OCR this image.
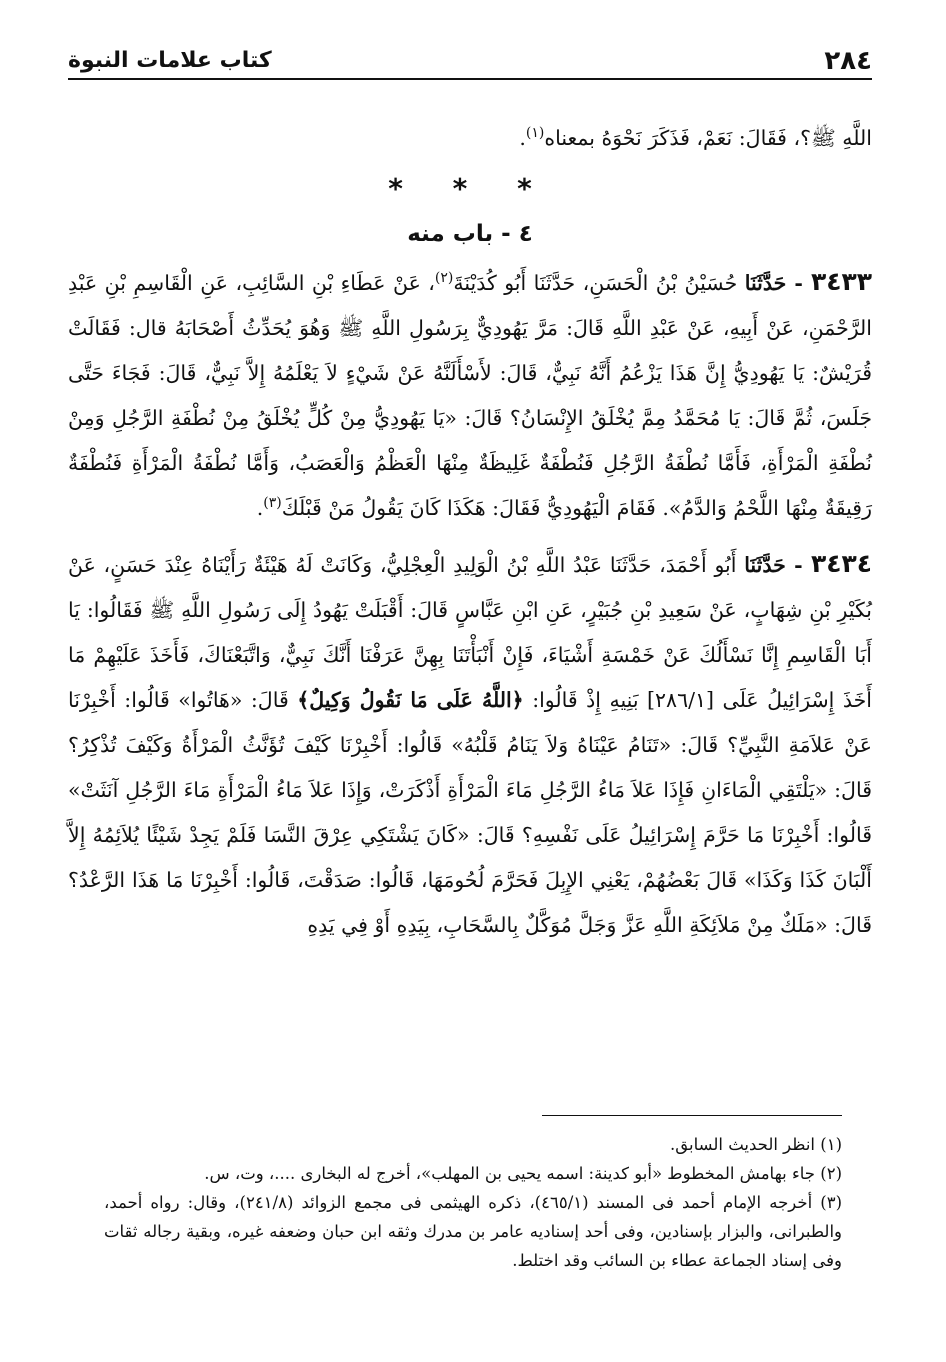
٢٨٤
كتاب علامات النبوة

اللَّهِ ﷺ؟، فَقَالَ: نَعَمْ، فَذَكَرَ نَحْوَهُ بمعناه$^{(١)}$.

* * *
٤ - باب منه

٣٤٣٣ - حَدَّثَنَا حُسَيْنُ بْنُ الْحَسَنِ، حَدَّثَنَا أَبُو كُدَيْنَةَ$^{(٢)}$، عَنْ عَطَاءِ بْنِ السَّائِبِ، عَنِ الْقَاسِمِ بْنِ عَبْدِ الرَّحْمَنِ، عَنْ أَبِيهِ، عَنْ عَبْدِ اللَّهِ قَالَ: مَرَّ يَهُودِيٌّ بِرَسُولِ اللَّهِ ﷺ وَهُوَ يُحَدِّثُ أَصْحَابَهُ قال: فَقَالَتْ قُرَيْشٌ: يَا يَهُودِيُّ إِنَّ هَذَا يَزْعُمُ أَنَّهُ نَبِيٌّ، قَالَ: لأَسْأَلَنَّهُ عَنْ شَيْءٍ لاَ يَعْلَمُهُ إِلاَّ نَبِيٌّ، قَالَ: فَجَاءَ حَتَّى جَلَسَ، ثُمَّ قَالَ: يَا مُحَمَّدُ مِمَّ يُخْلَقُ الإِنْسَانُ؟ قَالَ: «يَا يَهُودِيُّ مِنْ كُلٍّ يُخْلَقُ مِنْ نُطْفَةِ الرَّجُلِ وَمِنْ نُطْفَةِ الْمَرْأَةِ، فَأَمَّا نُطْفَةُ الرَّجُلِ فَنُطْفَةٌ غَلِيظَةٌ مِنْهَا الْعَظْمُ وَالْعَصَبُ، وَأَمَّا نُطْفَةُ الْمَرْأَةِ فَنُطْفَةٌ رَقِيقَةٌ مِنْهَا اللَّحْمُ وَالدَّمُ». فَقَامَ الْيَهُودِيُّ فَقَالَ: هَكَذَا كَانَ يَقُولُ مَنْ قَبْلَكَ$^{(٣)}$.

٣٤٣٤ - حَدَّثَنَا أَبُو أَحْمَدَ، حَدَّثَنَا عَبْدُ اللَّهِ بْنُ الْوَلِيدِ الْعِجْلِيُّ، وَكَانَتْ لَهُ هَيْئَةٌ رَأَيْنَاهُ عِنْدَ حَسَنٍ، عَنْ بُكَيْرِ بْنِ شِهَابٍ، عَنْ سَعِيدِ بْنِ جُبَيْرٍ، عَنِ ابْنِ عَبَّاسٍ قَالَ: أَقْبَلَتْ يَهُودُ إِلَى رَسُولِ اللَّهِ ﷺ فَقَالُوا: يَا أَبَا الْقَاسِمِ إِنَّا نَسْأَلُكَ عَنْ خَمْسَةِ أَشْيَاءَ، فَإِنْ أَنْبَأْتَنَا بِهِنَّ عَرَفْنَا أَنَّكَ نَبِيٌّ، وَاتَّبَعْنَاكَ، فَأَخَذَ عَلَيْهِمْ مَا أَخَذَ إِسْرَائِيلُ عَلَى [٢٨٦/١] بَنِيهِ إِذْ قَالُوا: ﴿اللَّهُ عَلَى مَا نَقُولُ وَكِيلٌ﴾ قَالَ: «هَاتُوا» قَالُوا: أَخْبِرْنَا عَنْ عَلاَمَةِ النَّبِيِّ؟ قَالَ: «تَنَامُ عَيْنَاهُ وَلاَ يَنَامُ قَلْبُهُ» قَالُوا: أَخْبِرْنَا كَيْفَ تُؤَنَّثُ الْمَرْأَةُ وَكَيْفَ تُذْكِرُ؟ قَالَ: «يَلْتَقِي الْمَاءَانِ فَإِذَا عَلاَ مَاءُ الرَّجُلِ مَاءَ الْمَرْأَةِ أَذْكَرَتْ، وَإِذَا عَلاَ مَاءُ الْمَرْأَةِ مَاءَ الرَّجُلِ آنَثَتْ» قَالُوا: أَخْبِرْنَا مَا حَرَّمَ إِسْرَائِيلُ عَلَى نَفْسِهِ؟ قَالَ: «كَانَ يَشْتَكِي عِرْقَ النَّسَا فَلَمْ يَجِدْ شَيْئًا يُلاَئِمُهُ إِلاَّ أَلْبَانَ كَذَا وَكَذَا» قَالَ بَعْضُهُمْ، يَعْنِي الإِبِلَ فَحَرَّمَ لُحُومَهَا، قَالُوا: صَدَقْتَ، قَالُوا: أَخْبِرْنَا مَا هَذَا الرَّعْدُ؟ قَالَ: «مَلَكٌ مِنْ مَلاَئِكَةِ اللَّهِ عَزَّ وَجَلَّ مُوَكَّلٌ بِالسَّحَابِ، بِيَدِهِ أَوْ فِي يَدِهِ

(١) انظر الحديث السابق.

(٢) جاء بهامش المخطوط «أبو كدينة: اسمه يحيى بن المهلب»، أخرج له البخارى ....، وت، س.

(٣) أخرجه الإمام أحمد فى المسند (٤٦٥/١)، ذكره الهيثمى فى مجمع الزوائد (٢٤١/٨)، وقال: رواه أحمد، والطبرانى، والبزار بإسنادين، وفى أحد إسناديه عامر بن مدرك وثقه ابن حبان وضعفه غيره، وبقية رجاله ثقات وفى إسناد الجماعة عطاء بن السائب وقد اختلط.
